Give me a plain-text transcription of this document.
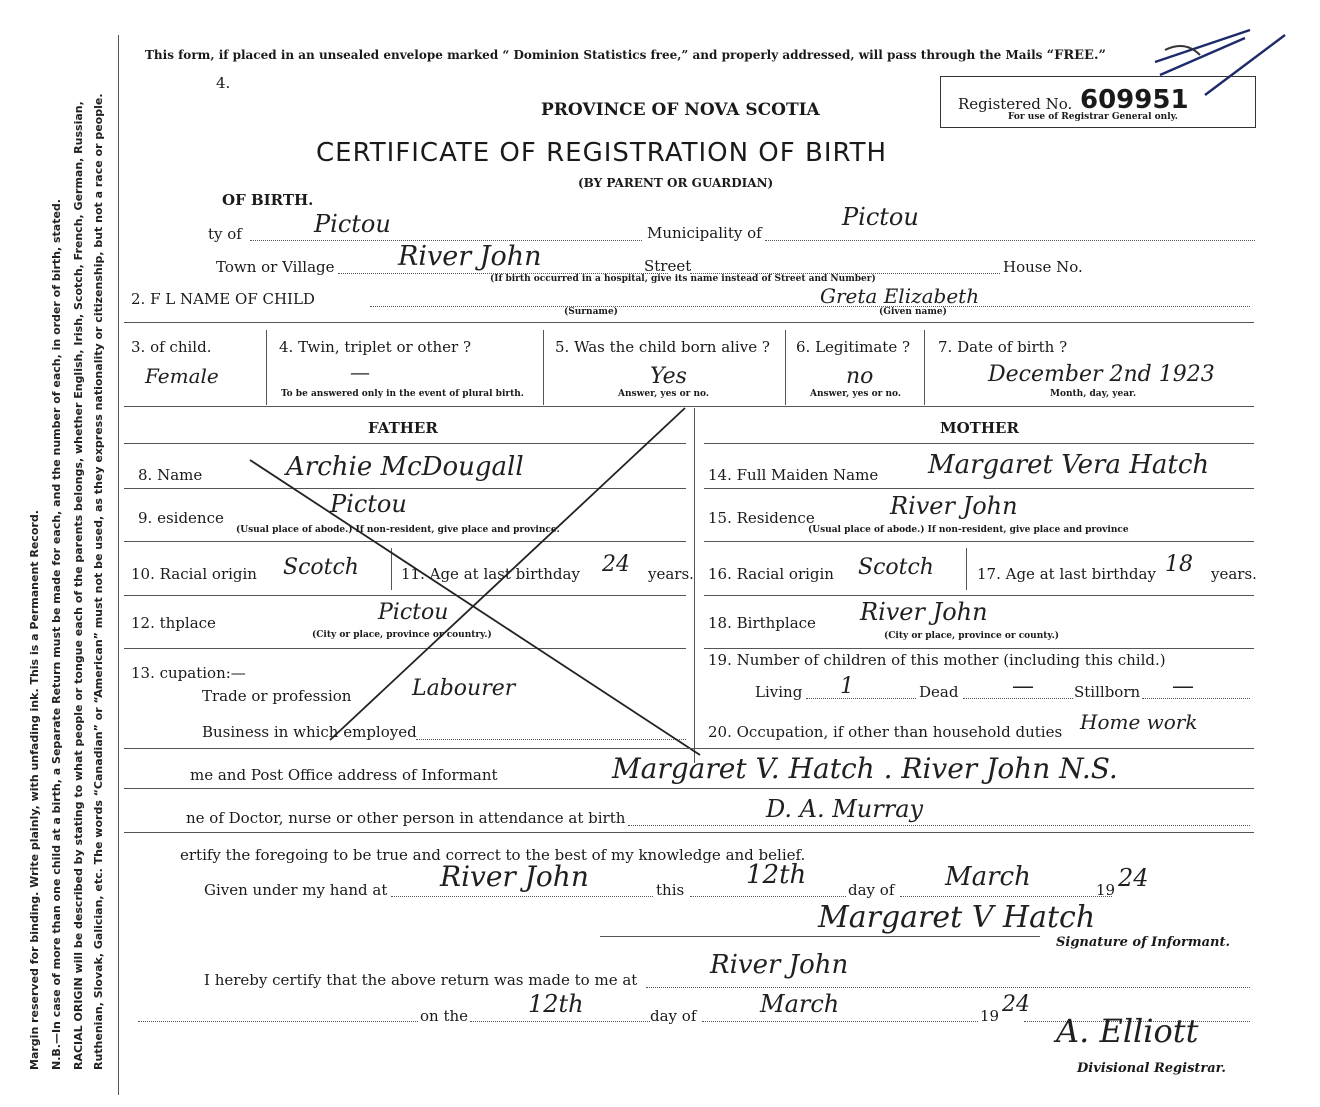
Margin reserved for binding. Write plainly, with unfading ink. This is a Permanent Record. N.B.—In case of more than one child at a birth, a Separate Return must be made for each, and the number of each, in order of birth, stated. RACIAL ORIGIN will be described by stating to what people or tongue each of the parents belongs, whether English, Irish, Scotch, French, German, Russian, Ruthenian, Slovak, Galician, etc. The words “Canadian” or “American” must not be used, as they express nationality or citizenship, but not a race or people.
This form, if placed in an unsealed envelope marked “ Dominion Statistics free,” and properly addressed, will pass through the Mails “FREE.”
4.
Registered No. 609951
For use of Registrar General only.
PROVINCE OF NOVA SCOTIA
CERTIFICATE OF REGISTRATION OF BIRTH
(BY PARENT OR GUARDIAN)
OF BIRTH.
ty of	Pictou	Municipality of
Pictou
Town or Village River John	Street	House No.
(If birth occurred in a hospital, give its name instead of Street and Number)
2. F L NAME OF CHILD
(Surname)
Greta Elizabeth
(Given name)
3. of child.
Female
4. Twin, triplet or other ?
—
To be answered only in the event of plural birth.
5. Was the child born alive ?
Yes
Answer, yes or no.
6. Legitimate ?
no
Answer, yes or no.
7. Date of birth ?
December 2nd 1923
Month, day, year.
FATHER	MOTHER
8. Name	Archie McDougall
9. esidence	Pictou
(Usual place of abode.) If non-resident, give place and province.
10. Racial origin Scotch	11. Age at last birthday 24 years.
12. thplace	Pictou
(City or place, province or country.)
13. cupation:—
Trade or profession	Labourer
Business in which employed
14. Full Maiden Name Margaret Vera Hatch
15. Residence	River John
(Usual place of abode.) If non-resident, give place and province
16. Racial origin Scotch	17. Age at last birthday 18 years.
18. Birthplace River John
(City or place, province or county.)
19. Number of children of this mother (including this child.)
Living 1	Dead —	Stillborn —
20. Occupation, if other than household duties Home work
me and Post Office address of Informant	Margaret V. Hatch . River John N.S.
ne of Doctor, nurse or other person in attendance at birth	D. A. Murray
ertify the foregoing to be true and correct to the best of my knowledge and belief.
Given under my hand at River John	this 12th	day of March	19 24
Margaret V Hatch
Signature of Informant.
I hereby certify that the above return was made to me at	River John
on the 12th	day of	March	19 24
A. Elliott
Divisional Registrar.
